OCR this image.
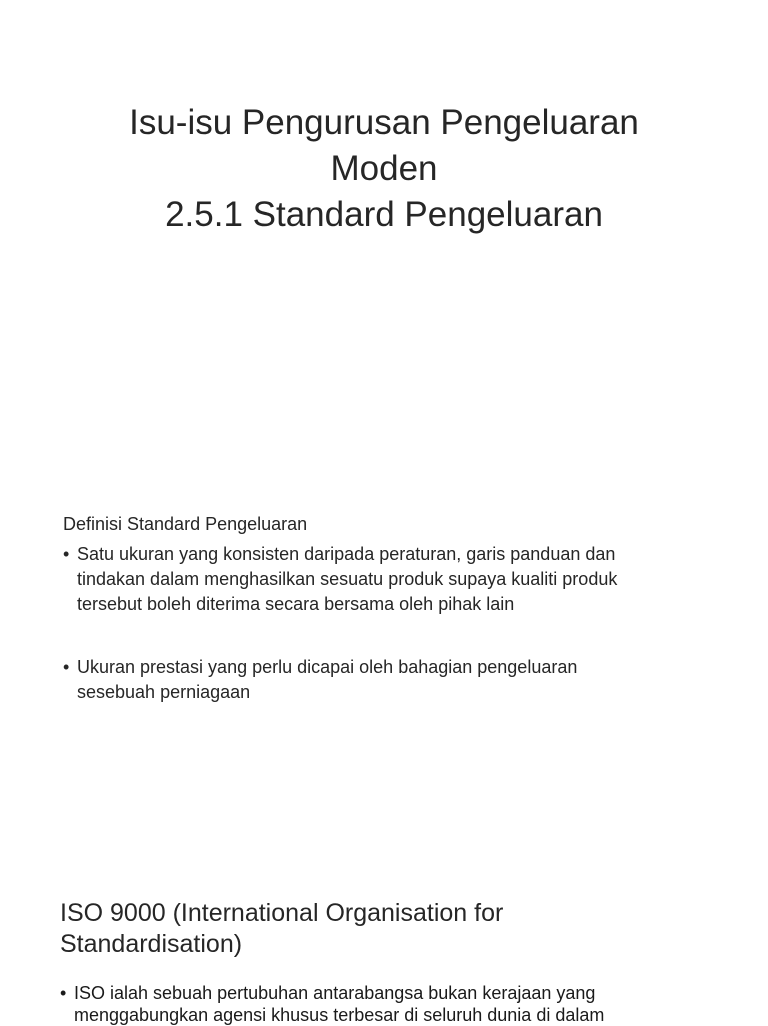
Isu-isu Pengurusan Pengeluaran
Moden
2.5.1 Standard Pengeluaran
Definisi Standard Pengeluaran
• Satu ukuran yang konsisten daripada peraturan, garis panduan dan
tindakan dalam menghasilkan sesuatu produk supaya kualiti produk
tersebut boleh diterima secara bersama oleh pihak lain
• Ukuran prestasi yang perlu dicapai oleh bahagian pengeluaran
sesebuah perniagaan
ISO 9000 (International Organisation for
Standardisation)
• ISO ialah sebuah pertubuhan antarabangsa bukan kerajaan yang
menggabungkan agensi khusus terbesar di seluruh dunia di dalam
